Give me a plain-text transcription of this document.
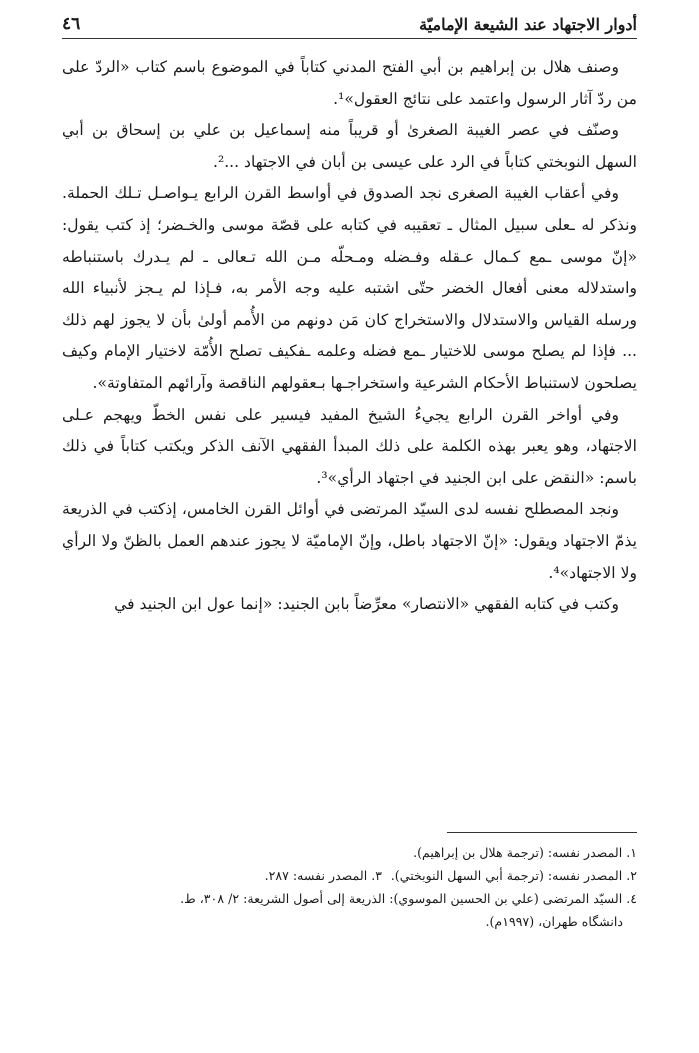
أدوار الاجتهاد عند الشيعة الإماميّة
٤٦

وصنف هلال بن إبراهيم بن أبي الفتح المدني كتاباً في الموضوع باسم كتاب «الردّ على من ردّ آثار الرسول واعتمد على نتائج العقول»¹.

وصنّف في عصر الغيبة الصغرىٰ أو قريباً منه إسماعيل بن علي بن إسحاق بن أبي السهل النوبختي كتاباً في الرد على عيسى بن أبان في الاجتهاد ...².

وفي أعقاب الغيبة الصغرى نجد الصدوق في أواسط القرن الرابع يـواصـل تـلك الحملة. ونذكر له ـعلى سبيل المثال ـ تعقيبه في كتابه على قصّة موسى والخـضر؛ إذ كتب يقول: «إنّ موسى ـمع كـمال عـقله وفـضله ومـحلّه مـن الله تـعالى ـ لم يـدرك باستنباطه واستدلاله معنى أفعال الخضر حتّى اشتبه عليه وجه الأمر به، فـإذا لم يـجز لأنبياء الله ورسله القياس والاستدلال والاستخراج كان مَن دونهم من الأُمم أولىٰ بأن لا يجوز لهم ذلك ... فإذا لم يصلح موسى للاختيار ـمع فضله وعلمه ـفكيف تصلح الأُمّة لاختيار الإمام وكيف يصلحون لاستنباط الأحكام الشرعية واستخراجـها بـعقولهم الناقصة وآرائهم المتفاوتة».

وفي أواخر القرن الرابع يجيءُ الشيخ المفيد فيسير على نفس الخطّ ويهجم عـلى الاجتهاد، وهو يعبر بهذه الكلمة على ذلك المبدأ الفقهي الآنف الذكر ويكتب كتاباً في ذلك باسم: «النقض على ابن الجنيد في اجتهاد الرأي»³.

ونجد المصطلح نفسه لدى السيّد المرتضى في أوائل القرن الخامس، إذكتب في الذريعة يذمّ الاجتهاد ويقول: «إنّ الاجتهاد باطل، وإنّ الإماميّة لا يجوز عندهم العمل بالظنّ ولا الرأي ولا الاجتهاد»⁴.

وكتب في كتابه الفقهي «الانتصار» معرِّضاً بابن الجنيد: «إنما عول ابن الجنيد في

١. المصدر نفسه: (ترجمة هلال بن إبراهيم).
٢. المصدر نفسه: (ترجمة أبي السهل النوبختي).
٣. المصدر نفسه: ٢٨٧.
٤. السيّد المرتضى (علي بن الحسين الموسوي): الذريعة إلى أصول الشريعة: ٢/ ٣٠٨، ط.
دانشگاه طهران، (١٩٩٧م).
